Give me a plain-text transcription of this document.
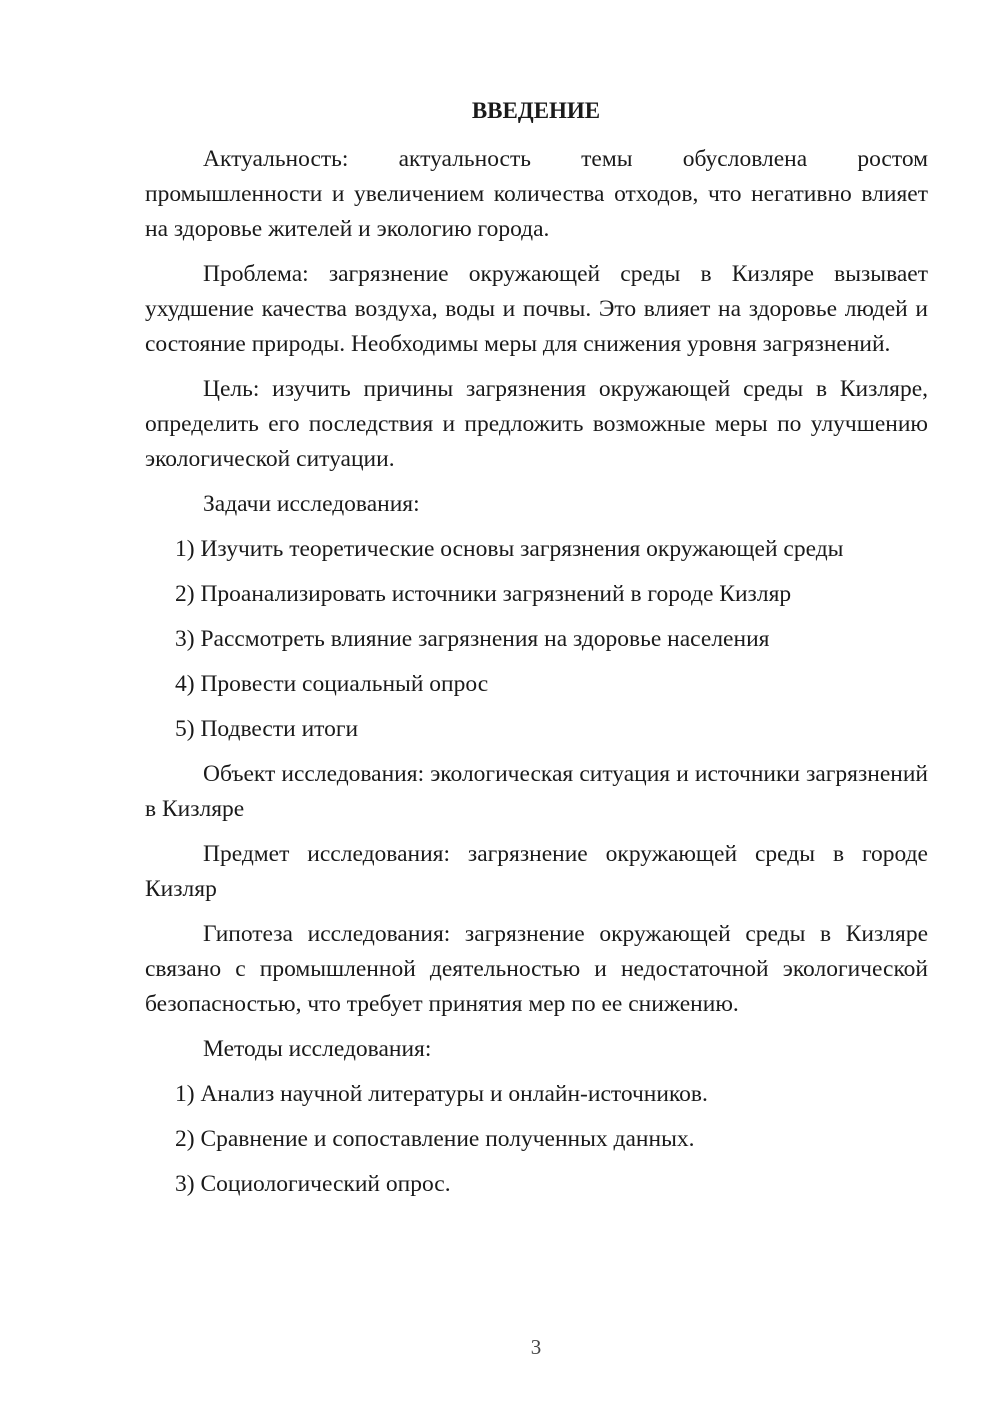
ВВЕДЕНИЕ

Актуальность: актуальность темы обусловлена ростом промышленности и увеличением количества отходов, что негативно влияет на здоровье жителей и экологию города.

Проблема: загрязнение окружающей среды в Кизляре вызывает ухудшение качества воздуха, воды и почвы. Это влияет на здоровье людей и состояние природы. Необходимы меры для снижения уровня загрязнений.

Цель: изучить причины загрязнения окружающей среды в Кизляре, определить его последствия и предложить возможные меры по улучшению экологической ситуации.

Задачи исследования:

1) Изучить теоретические основы загрязнения окружающей среды

2) Проанализировать источники загрязнений в городе Кизляр

3) Рассмотреть влияние загрязнения на здоровье населения

4) Провести социальный опрос

5) Подвести итоги

Объект исследования: экологическая ситуация и источники загрязнений в Кизляре

Предмет исследования: загрязнение окружающей среды в городе Кизляр

Гипотеза исследования: загрязнение окружающей среды в Кизляре связано с промышленной деятельностью и недостаточной экологической безопасностью, что требует принятия мер по ее снижению.

Методы исследования:

1) Анализ научной литературы и онлайн-источников.

2) Сравнение и сопоставление полученных данных.

3) Социологический опрос.

3
